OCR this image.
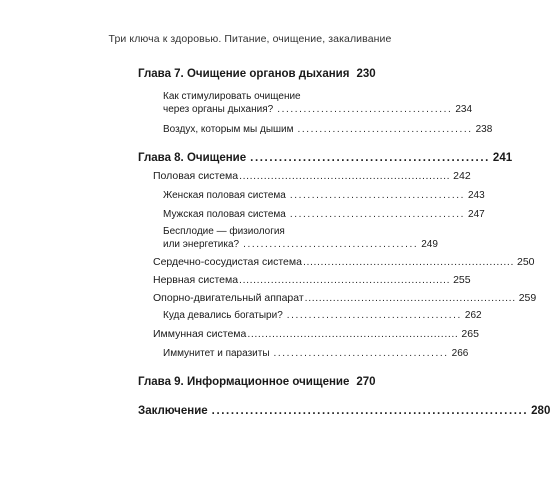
Три ключа к здоровью. Питание, очищение, закаливание
Глава 7. Очищение органов дыхания 230
Как стимулировать очищение
через органы дыхания? ........................................ 234
Воздух, которым мы дышим ........................................ 238
Глава 8. Очищение .................................................. 241
Половая система ............................................................ 242
Женская половая система ........................................ 243
Мужская половая система ........................................ 247
Бесплодие — физиология
или энергетика? ........................................ 249
Сердечно-сосудистая система ............................................................ 250
Нервная система ............................................................ 255
Опорно-двигательный аппарат ............................................................ 259
Куда девались богатыри? ........................................ 262
Иммунная система ............................................................ 265
Иммунитет и паразиты ........................................ 266
Глава 9. Информационное очищение 270
Заключение .................................................................. 280
